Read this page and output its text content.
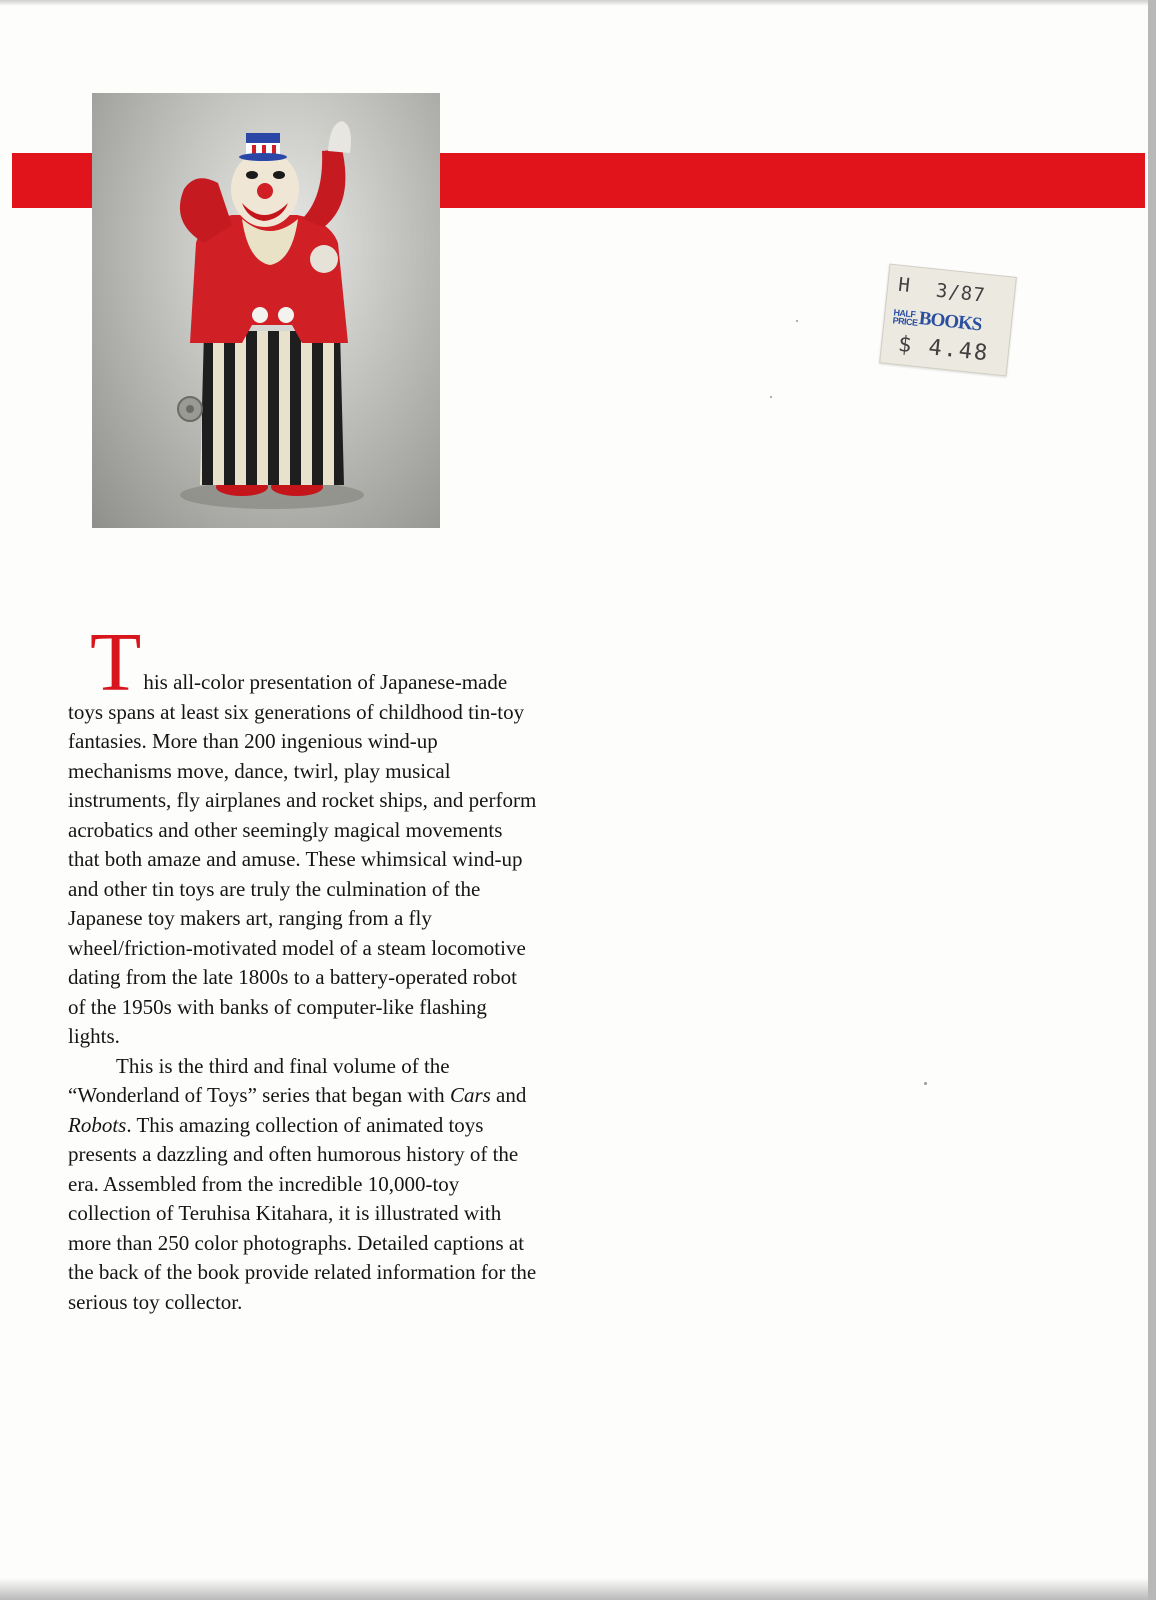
H 3/87
HALF PRICE BOOKS
$ 4.48
T his all-color presentation of Japanese-made toys spans at least six generations of childhood tin-toy fantasies. More than 200 ingenious wind-up mechanisms move, dance, twirl, play musical instruments, fly airplanes and rocket ships, and perform acrobatics and other seemingly magical movements that both amaze and amuse. These whimsical wind-up and other tin toys are truly the culmination of the Japanese toy makers art, ranging from a fly wheel/friction-motivated model of a steam locomotive dating from the late 1800s to a battery-operated robot of the 1950s with banks of computer-like flashing lights.

This is the third and final volume of the “Wonderland of Toys” series that began with Cars and Robots. This amazing collection of animated toys presents a dazzling and often humorous history of the era. Assembled from the incredible 10,000-toy collection of Teruhisa Kitahara, it is illustrated with more than 250 color photographs. Detailed captions at the back of the book provide related information for the serious toy collector.
